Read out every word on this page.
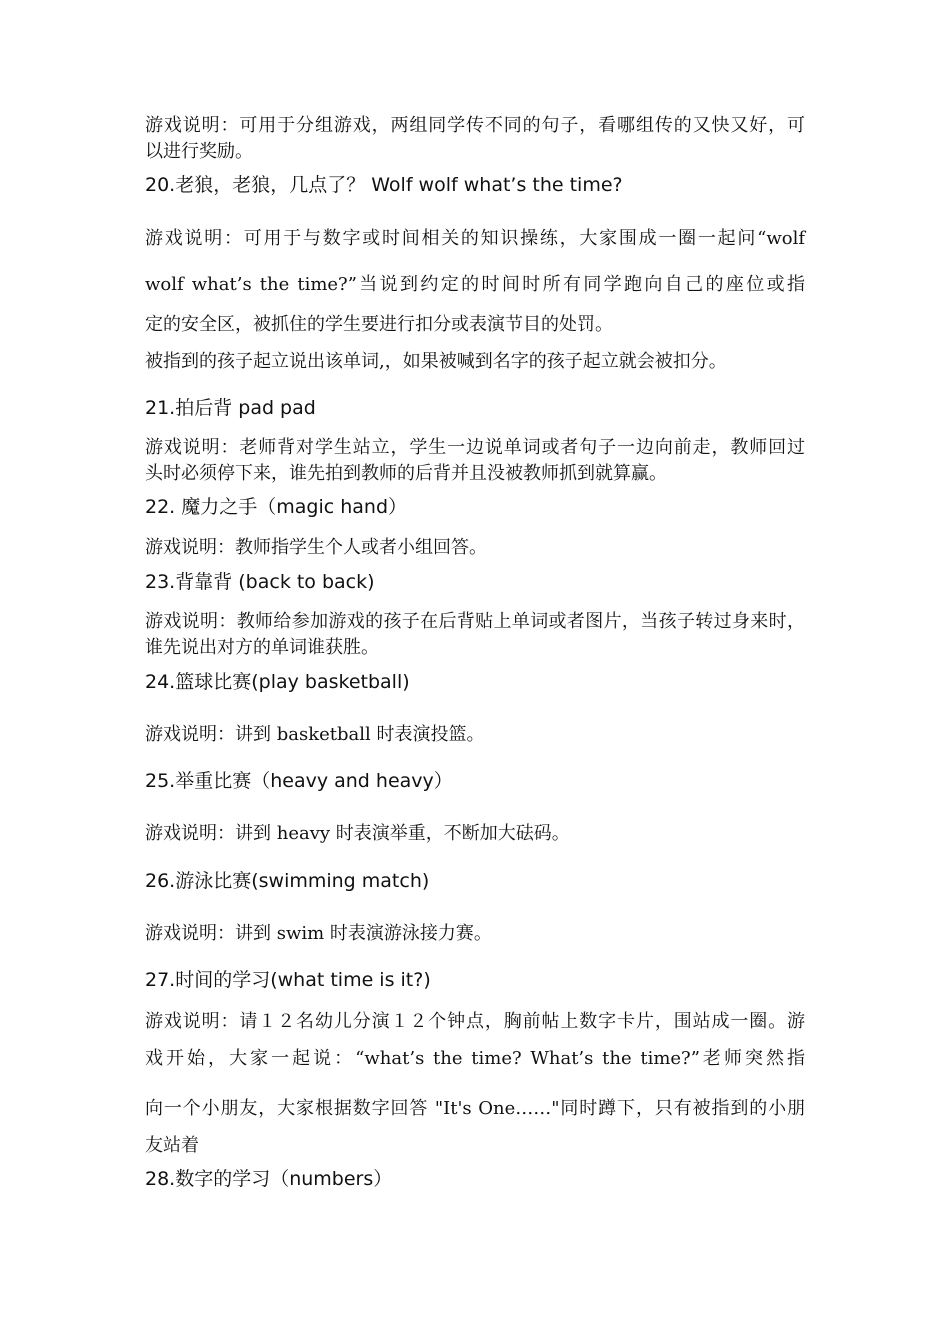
游戏说明：可用于分组游戏，两组同学传不同的句子，看哪组传的又快又好，可
以进行奖励。
20.老狼，老狼，几点了？ Wolf wolf what’s the time?
游戏说明：可用于与数字或时间相关的知识操练，大家围成一圈一起问“wolf
wolf what’s the time?”当说到约定的时间时所有同学跑向自己的座位或指
定的安全区，被抓住的学生要进行扣分或表演节目的处罚。
被指到的孩子起立说出该单词,，如果被喊到名字的孩子起立就会被扣分。
21.拍后背 pad pad
游戏说明：老师背对学生站立，学生一边说单词或者句子一边向前走，教师回过
头时必须停下来，谁先拍到教师的后背并且没被教师抓到就算赢。
22. 魔力之手（magic hand）
游戏说明：教师指学生个人或者小组回答。
23.背靠背 (back to back)
游戏说明：教师给参加游戏的孩子在后背贴上单词或者图片，当孩子转过身来时，
谁先说出对方的单词谁获胜。
24.篮球比赛(play basketball)
游戏说明：讲到 basketball 时表演投篮。
25.举重比赛（heavy and heavy）
游戏说明：讲到 heavy 时表演举重，不断加大砝码。
26.游泳比赛(swimming match)
游戏说明：讲到 swim 时表演游泳接力赛。
27.时间的学习(what time is it?)
游戏说明：请１２名幼儿分演１２个钟点，胸前帖上数字卡片，围站成一圈。游
戏开始，大家一起说：“what’s the time? What’s the time?”老师突然指
向一个小朋友，大家根据数字回答 "It's One……"同时蹲下，只有被指到的小朋
友站着
28.数字的学习（numbers）
